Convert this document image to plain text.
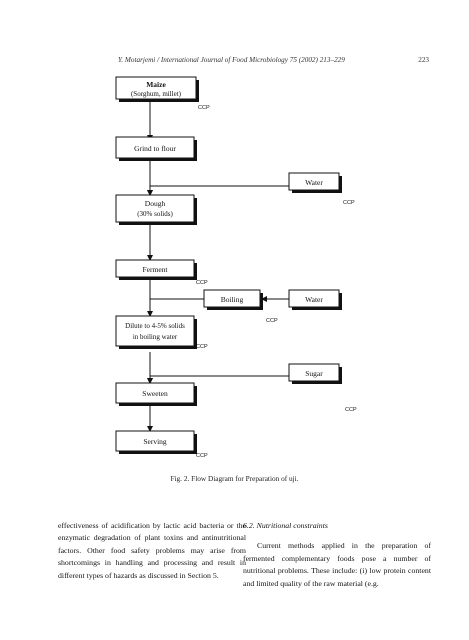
Y. Motarjemi / International Journal of Food Microbiology 75 (2002) 213–229	223
Maize
(Sorghum, millet)
Grind to flour
Water
Dough
(30% solids)
Ferment
Boiling	Water
Dilute to 4-5% solids
in boiling water
Sugar
Sweeten
Serving
CCP
CCP
CCP
CCP
CCP
CCP
CCP
Fig. 2. Flow Diagram for Preparation of uji.

effectiveness of acidification by lactic acid bacteria or the enzymatic degradation of plant toxins and antinutritional factors. Other food safety problems may arise from shortcomings in handling and processing and result in different types of hazards as discussed in Section 5.

6.2. Nutritional constraints

Current methods applied in the preparation of fermented complementary foods pose a number of nutritional problems. These include: (i) low protein content and limited quality of the raw material (e.g.
